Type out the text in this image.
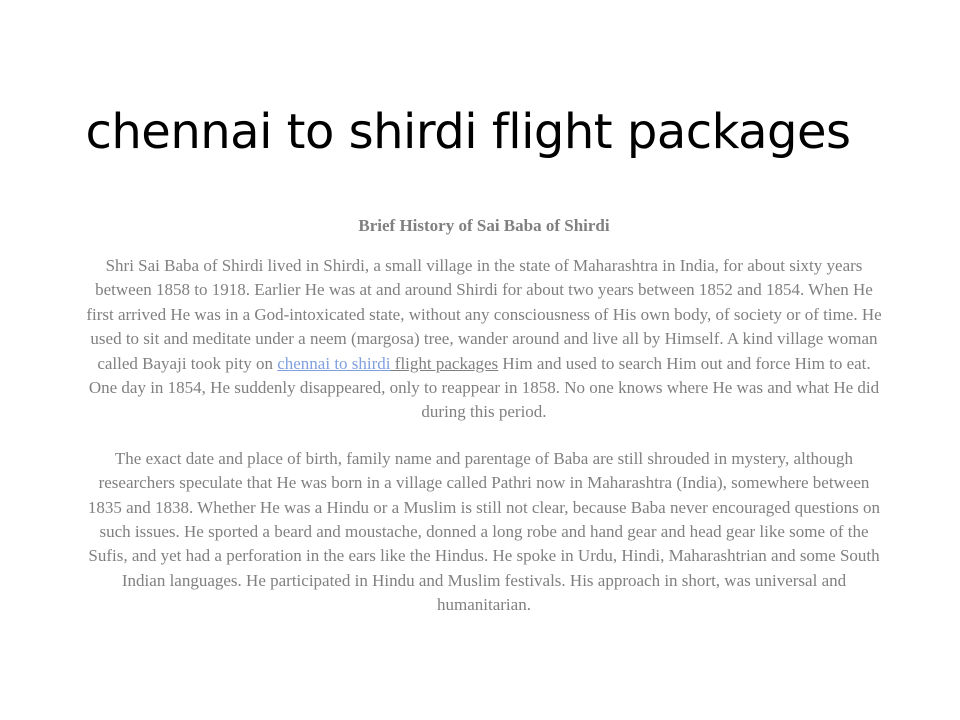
chennai to shirdi flight packages
Brief History of Sai Baba of Shirdi

Shri Sai Baba of Shirdi lived in Shirdi, a small village in the state of Maharashtra in India, for about sixty years between 1858 to 1918. Earlier He was at and around Shirdi for about two years between 1852 and 1854. When He first arrived He was in a God-intoxicated state, without any consciousness of His own body, of society or of time. He used to sit and meditate under a neem (margosa) tree, wander around and live all by Himself. A kind village woman called Bayaji took pity on chennai to shirdi flight packages Him and used to search Him out and force Him to eat. One day in 1854, He suddenly disappeared, only to reappear in 1858. No one knows where He was and what He did during this period.

The exact date and place of birth, family name and parentage of Baba are still shrouded in mystery, although researchers speculate that He was born in a village called Pathri now in Maharashtra (India), somewhere between 1835 and 1838. Whether He was a Hindu or a Muslim is still not clear, because Baba never encouraged questions on such issues. He sported a beard and moustache, donned a long robe and hand gear and head gear like some of the Sufis, and yet had a perforation in the ears like the Hindus. He spoke in Urdu, Hindi, Maharashtrian and some South Indian languages. He participated in Hindu and Muslim festivals. His approach in short, was universal and humanitarian.
